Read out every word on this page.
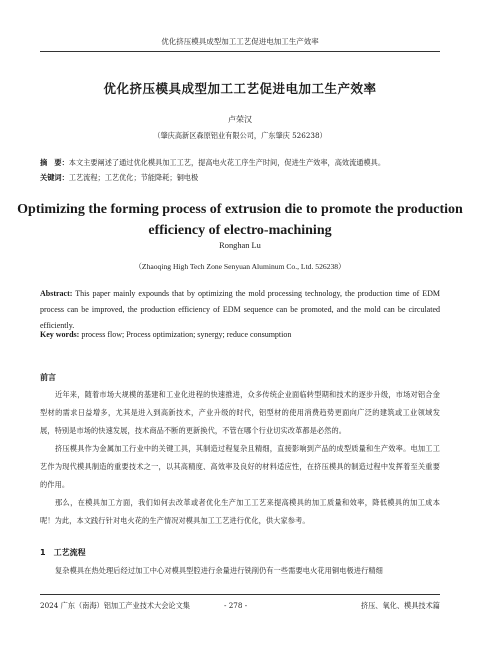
优化挤压模具成型加工工艺促进电加工生产效率
优化挤压模具成型加工工艺促进电加工生产效率
卢荣汉
（肇庆高新区森原铝业有限公司，广东肇庆 526238）
摘　要：本文主要阐述了通过优化模具加工工艺，提高电火花工序生产时间，促进生产效率，高效流通模具。
关键词：工艺流程；工艺优化；节能降耗；铜电极
Optimizing the forming process of extrusion die to promote the production efficiency of electro-machining
Ronghan Lu
（Zhaoqing High Tech Zone Senyuan Aluminum Co., Ltd. 526238）
Abstract: This paper mainly expounds that by optimizing the mold processing technology, the production time of EDM process can be improved, the production efficiency of EDM sequence can be promoted, and the mold can be circulated efficiently.
Key words: process flow; Process optimization; synergy; reduce consumption
前言
近年来，随着市场大规模的基建和工业化进程的快速推进，众多传统企业面临转型期和技术的逐步升级，市场对铝合金型材的需求日益增多，尤其是进入到高新技术，产业升级的时代，铝型材的使用消费趋势更面向广泛的建筑或工业领域发展，特别是市场的快速发展，技术商品不断的更新换代，不管在哪个行业切实改革都是必然的。
挤压模具作为金属加工行业中的关键工具，其制造过程复杂且精细，直接影响到产品的成型质量和生产效率。电加工工艺作为现代模具制造的重要技术之一，以其高精度、高效率及良好的材料适应性，在挤压模具的制造过程中发挥着至关重要的作用。
那么，在模具加工方面，我们如何去改革或者优化生产加工工艺来提高模具的加工质量和效率，降低模具的加工成本呢！为此，本文践行针对电火花的生产情况对模具加工工艺进行优化，供大家参考。
1　工艺流程
复杂模具在热处理后经过加工中心对模具型腔进行余量进行铣削仍有一些需要电火花用铜电极进行精细
2024 广东（南海）铝加工产业技术大会论文集	- 278 -	挤压、氧化、模具技术篇
